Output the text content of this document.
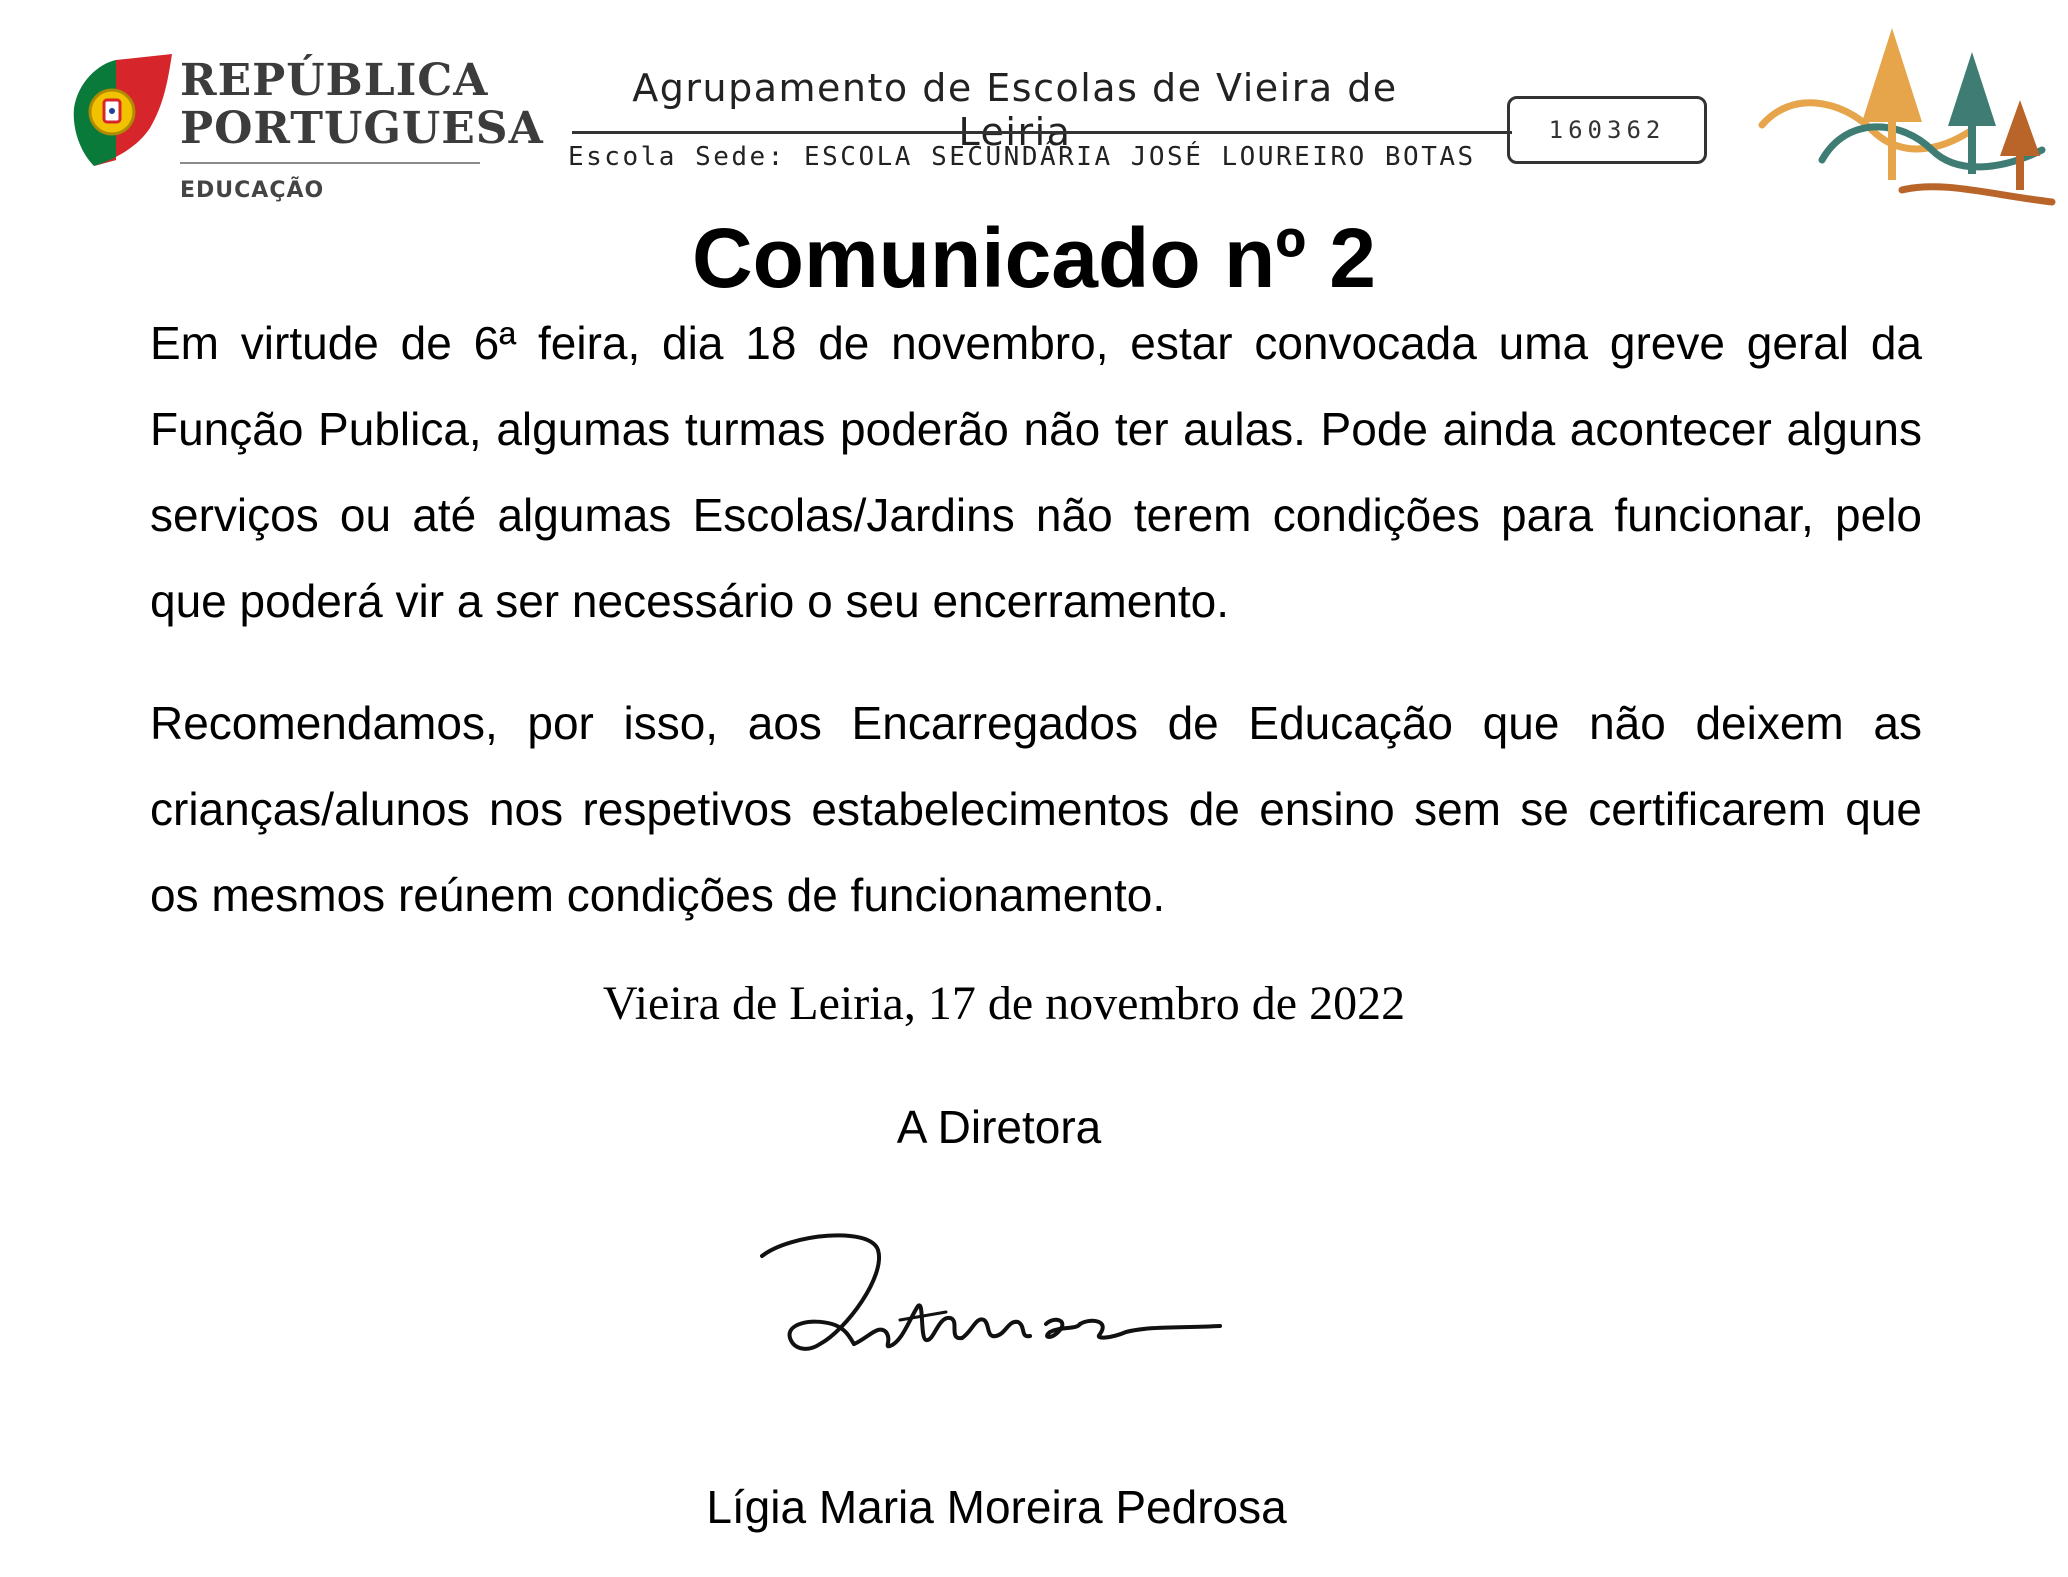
REPÚBLICA
PORTUGUESA
EDUCAÇÃO
Agrupamento de Escolas de Vieira de Leiria
Escola Sede: ESCOLA SECUNDÁRIA JOSÉ LOUREIRO BOTAS
160362
Comunicado nº 2
Em virtude de 6ª feira, dia 18 de novembro, estar convocada uma greve geral da Função Publica, algumas turmas poderão não ter aulas. Pode ainda acontecer alguns serviços ou até algumas Escolas/Jardins não terem condições para funcionar, pelo que poderá vir a ser necessário o seu encerramento.
Recomendamos, por isso, aos Encarregados de Educação que não deixem as crianças/alunos nos respetivos estabelecimentos de ensino sem se certificarem que os mesmos reúnem condições de funcionamento.
Vieira de Leiria, 17 de novembro de 2022
A Diretora
Lígia Maria Moreira Pedrosa
